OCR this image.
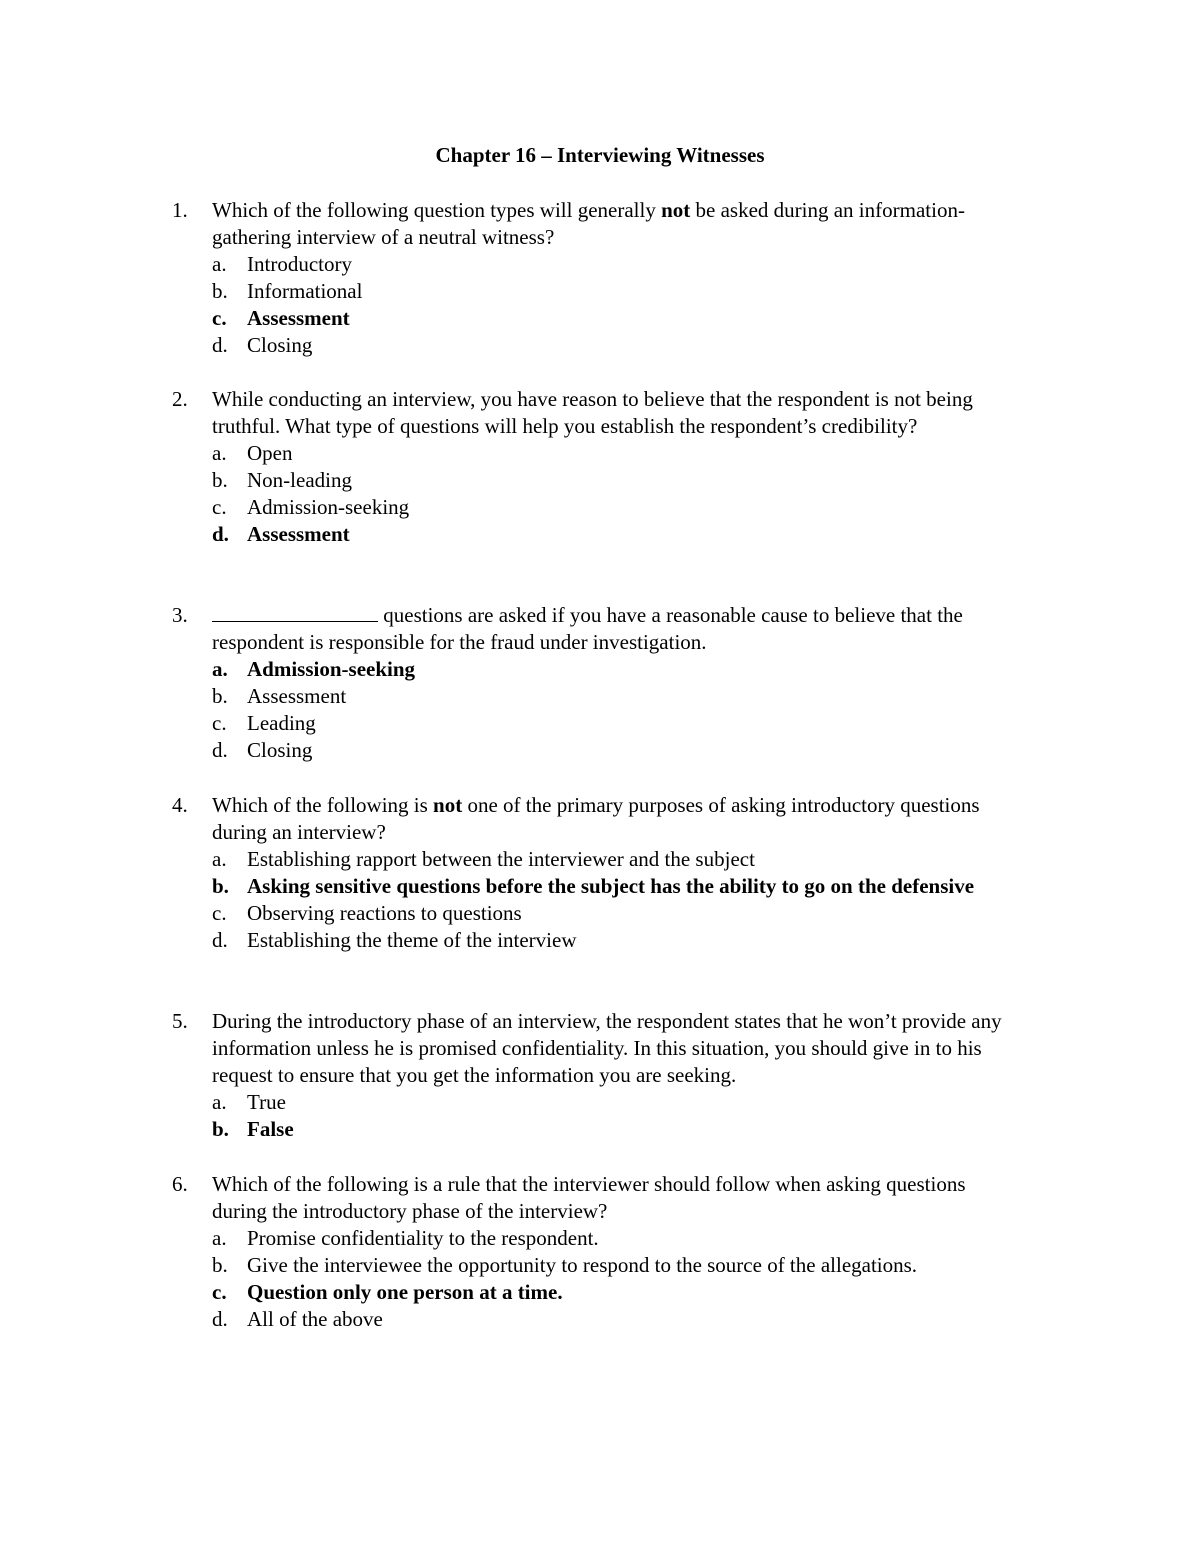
Chapter 16 – Interviewing Witnesses
1.	Which of the following question types will generally not be asked during an information-gathering interview of a neutral witness?
a. Introductory
b. Informational
c. Assessment
d. Closing
2.	While conducting an interview, you have reason to believe that the respondent is not being truthful. What type of questions will help you establish the respondent’s credibility?
a. Open
b. Non-leading
c. Admission-seeking
d. Assessment
3.	questions are asked if you have a reasonable cause to believe that the respondent is responsible for the fraud under investigation.
a. Admission-seeking
b. Assessment
c. Leading
d. Closing
4.	Which of the following is not one of the primary purposes of asking introductory questions during an interview?
a. Establishing rapport between the interviewer and the subject
b. Asking sensitive questions before the subject has the ability to go on the defensive
c. Observing reactions to questions
d. Establishing the theme of the interview
5.	During the introductory phase of an interview, the respondent states that he won’t provide any information unless he is promised confidentiality. In this situation, you should give in to his request to ensure that you get the information you are seeking.
a. True
b. False
6.	Which of the following is a rule that the interviewer should follow when asking questions during the introductory phase of the interview?
a. Promise confidentiality to the respondent.
b. Give the interviewee the opportunity to respond to the source of the allegations.
c. Question only one person at a time.
d. All of the above
